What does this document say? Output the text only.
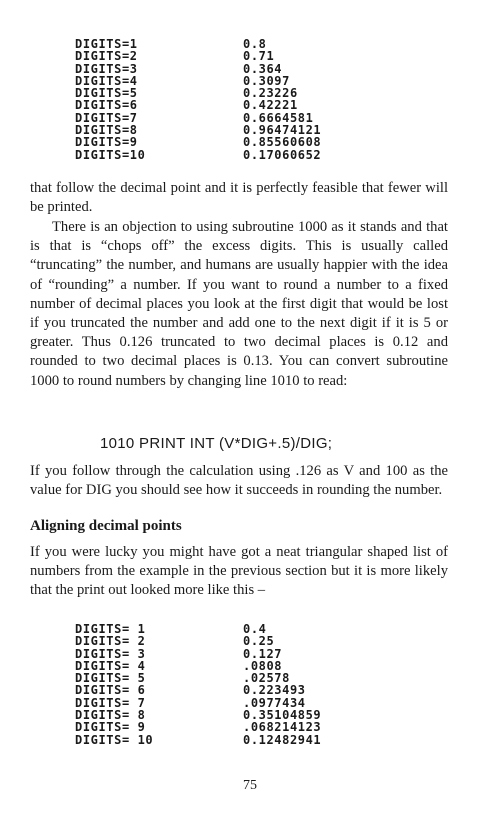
DIGITS=1	0.8
DIGITS=2	0.71
DIGITS=3	0.364
DIGITS=4	0.3097
DIGITS=5	0.23226
DIGITS=6	0.42221
DIGITS=7	0.6664581
DIGITS=8	0.96474121
DIGITS=9	0.85560608
DIGITS=10	0.17060652

that follow the decimal point and it is perfectly feasible that fewer will be printed.

There is an objection to using subroutine 1000 as it stands and that is that is “chops off” the excess digits. This is usually called “truncating” the number, and humans are usually happier with the idea of “rounding” a number. If you want to round a number to a fixed number of decimal places you look at the first digit that would be lost if you truncated the number and add one to the next digit if it is 5 or greater. Thus 0.126 truncated to two decimal places is 0.12 and rounded to two decimal places is 0.13. You can convert subroutine 1000 to round numbers by changing line 1010 to read:

1010 PRINT INT (V*DIG+.5)/DIG;

If you follow through the calculation using .126 as V and 100 as the value for DIG you should see how it succeeds in rounding the number.

Aligning decimal points

If you were lucky you might have got a neat triangular shaped list of numbers from the example in the previous section but it is more likely that the print out looked more like this –

DIGITS= 1	0.4
DIGITS= 2	0.25
DIGITS= 3	0.127
DIGITS= 4	.0808
DIGITS= 5	.02578
DIGITS= 6	0.223493
DIGITS= 7	.0977434
DIGITS= 8	0.35104859
DIGITS= 9	.068214123
DIGITS= 10	0.12482941
75
